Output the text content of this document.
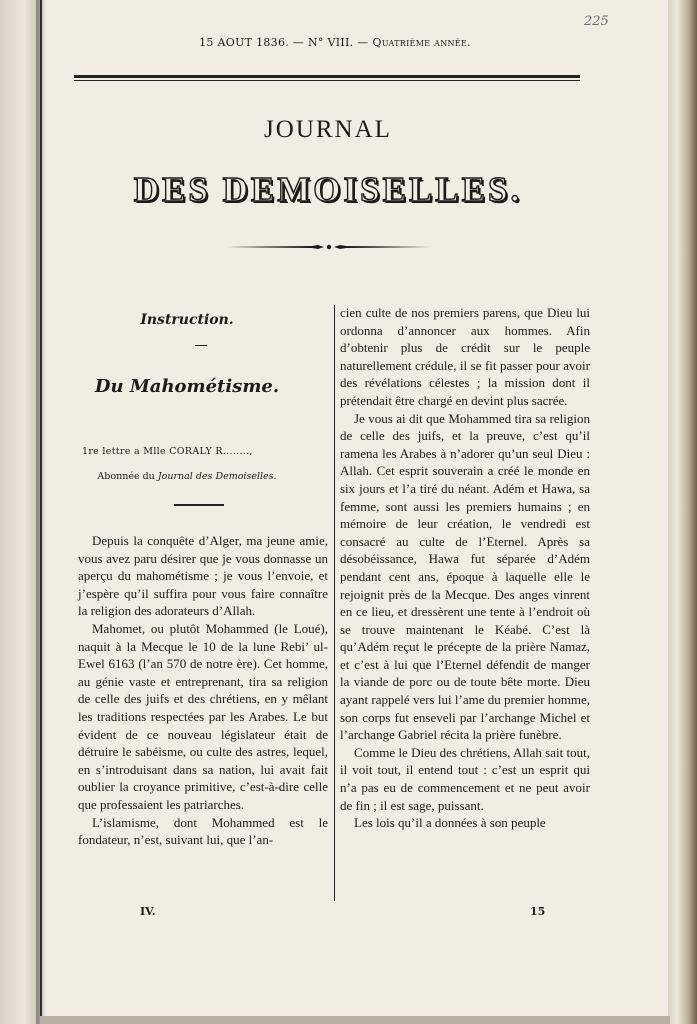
15 AOUT 1836. — N° VIII. — Quatrième année.
225
JOURNAL
DES DEMOISELLES.
Instruction.
Du Mahométisme.
1re lettre a Mlle CORALY R........,
Abonnée du Journal des Demoiselles.

Depuis la conquête d’Alger, ma jeune amie, vous avez paru désirer que je vous donnasse un aperçu du mahométisme ; je vous l’envoie, et j’espère qu’il suffira pour vous faire connaître la religion des adorateurs d’Allah.

Mahomet, ou plutôt Mohammed (le Loué), naquit à la Mecque le 10 de la lune Rebi’ ul-Ewel 6163 (l’an 570 de notre ère). Cet homme, au génie vaste et entreprenant, tira sa religion de celle des juifs et des chrétiens, en y mêlant les traditions respectées par les Arabes. Le but évident de ce nouveau législateur était de détruire le sabéisme, ou culte des astres, lequel, en s’introduisant dans sa nation, lui avait fait oublier la croyance primitive, c’est-à-dire celle que professaient les patriarches.

L’islamisme, dont Mohammed est le fondateur, n’est, suivant lui, que l’an-

cien culte de nos premiers parens, que Dieu lui ordonna d’annoncer aux hommes. Afin d’obtenir plus de crédit sur le peuple naturellement crédule, il se fit passer pour avoir des révélations célestes ; la mission dont il prétendait être chargé en devint plus sacrée.

Je vous ai dit que Mohammed tira sa religion de celle des juifs, et la preuve, c’est qu’il ramena les Arabes à n’adorer qu’un seul Dieu : Allah. Cet esprit souverain a créé le monde en six jours et l’a tiré du néant. Adém et Hawa, sa femme, sont aussi les premiers humains ; en mémoire de leur création, le vendredi est consacré au culte de l’Eternel. Après sa désobéissance, Hawa fut séparée d’Adém pendant cent ans, époque à laquelle elle le rejoignit près de la Mecque. Des anges vinrent en ce lieu, et dressèrent une tente à l’endroit où se trouve maintenant le Kéabé. C’est là qu’Adém reçut le précepte de la prière Namaz, et c’est à lui que l’Eternel défendit de manger la viande de porc ou de toute bête morte. Dieu ayant rappelé vers lui l’ame du premier homme, son corps fut enseveli par l’archange Michel et l’archange Gabriel récita la prière funèbre.

Comme le Dieu des chrétiens, Allah sait tout, il voit tout, il entend tout : c’est un esprit qui n’a pas eu de commencement et ne peut avoir de fin ; il est sage, puissant.

Les lois qu’il a données à son peuple

IV.	15
